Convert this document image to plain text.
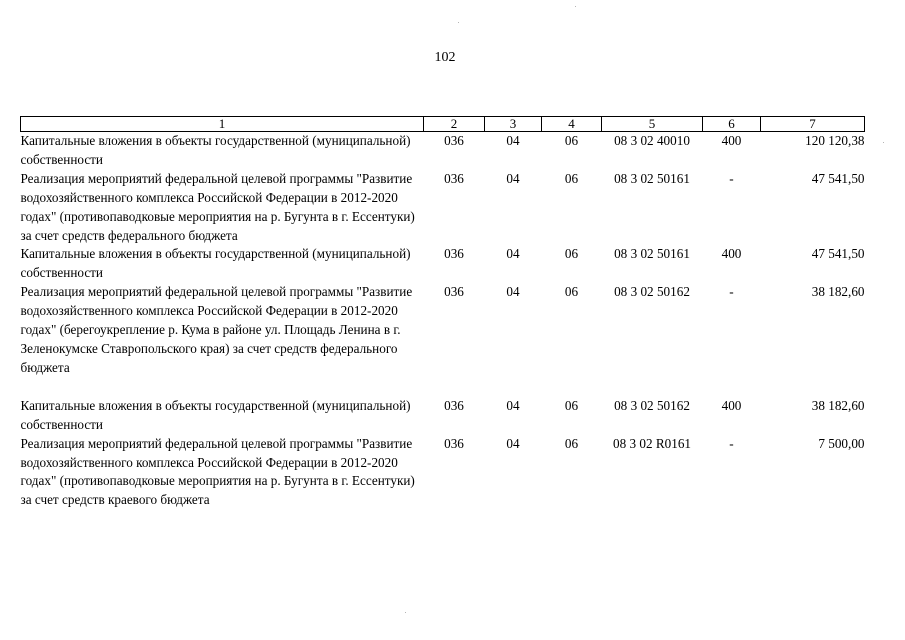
102
1	2	3	4	5	6	7
Капитальные вложения в объекты государственной (муниципальной) собственности	036	04	06	08 3 02 40010	400	120 120,38
Реализация мероприятий федеральной целевой программы "Развитие водохозяйственного комплекса Российской Федерации в 2012-2020 годах" (противопаводковые мероприятия на р. Бугунта в г. Ессентуки) за счет средств федерального бюджета	036	04	06	08 3 02 50161	-	47 541,50
Капитальные вложения в объекты государственной (муниципальной) собственности	036	04	06	08 3 02 50161	400	47 541,50
Реализация мероприятий федеральной целевой программы "Развитие водохозяйственного комплекса Российской Федерации в 2012-2020 годах" (берегоукрепление р. Кума в районе ул. Площадь Ленина в г. Зеленокумске Ставропольского края) за счет средств федерального бюджета	036	04	06	08 3 02 50162	-	38 182,60
Капитальные вложения в объекты государственной (муниципальной) собственности	036	04	06	08 3 02 50162	400	38 182,60
Реализация мероприятий федеральной целевой программы "Развитие водохозяйственного комплекса Российской Федерации в 2012-2020 годах" (противопаводковые мероприятия на р. Бугунта в г. Ессентуки) за счет средств краевого бюджета	036	04	06	08 3 02 R0161	-	7 500,00
